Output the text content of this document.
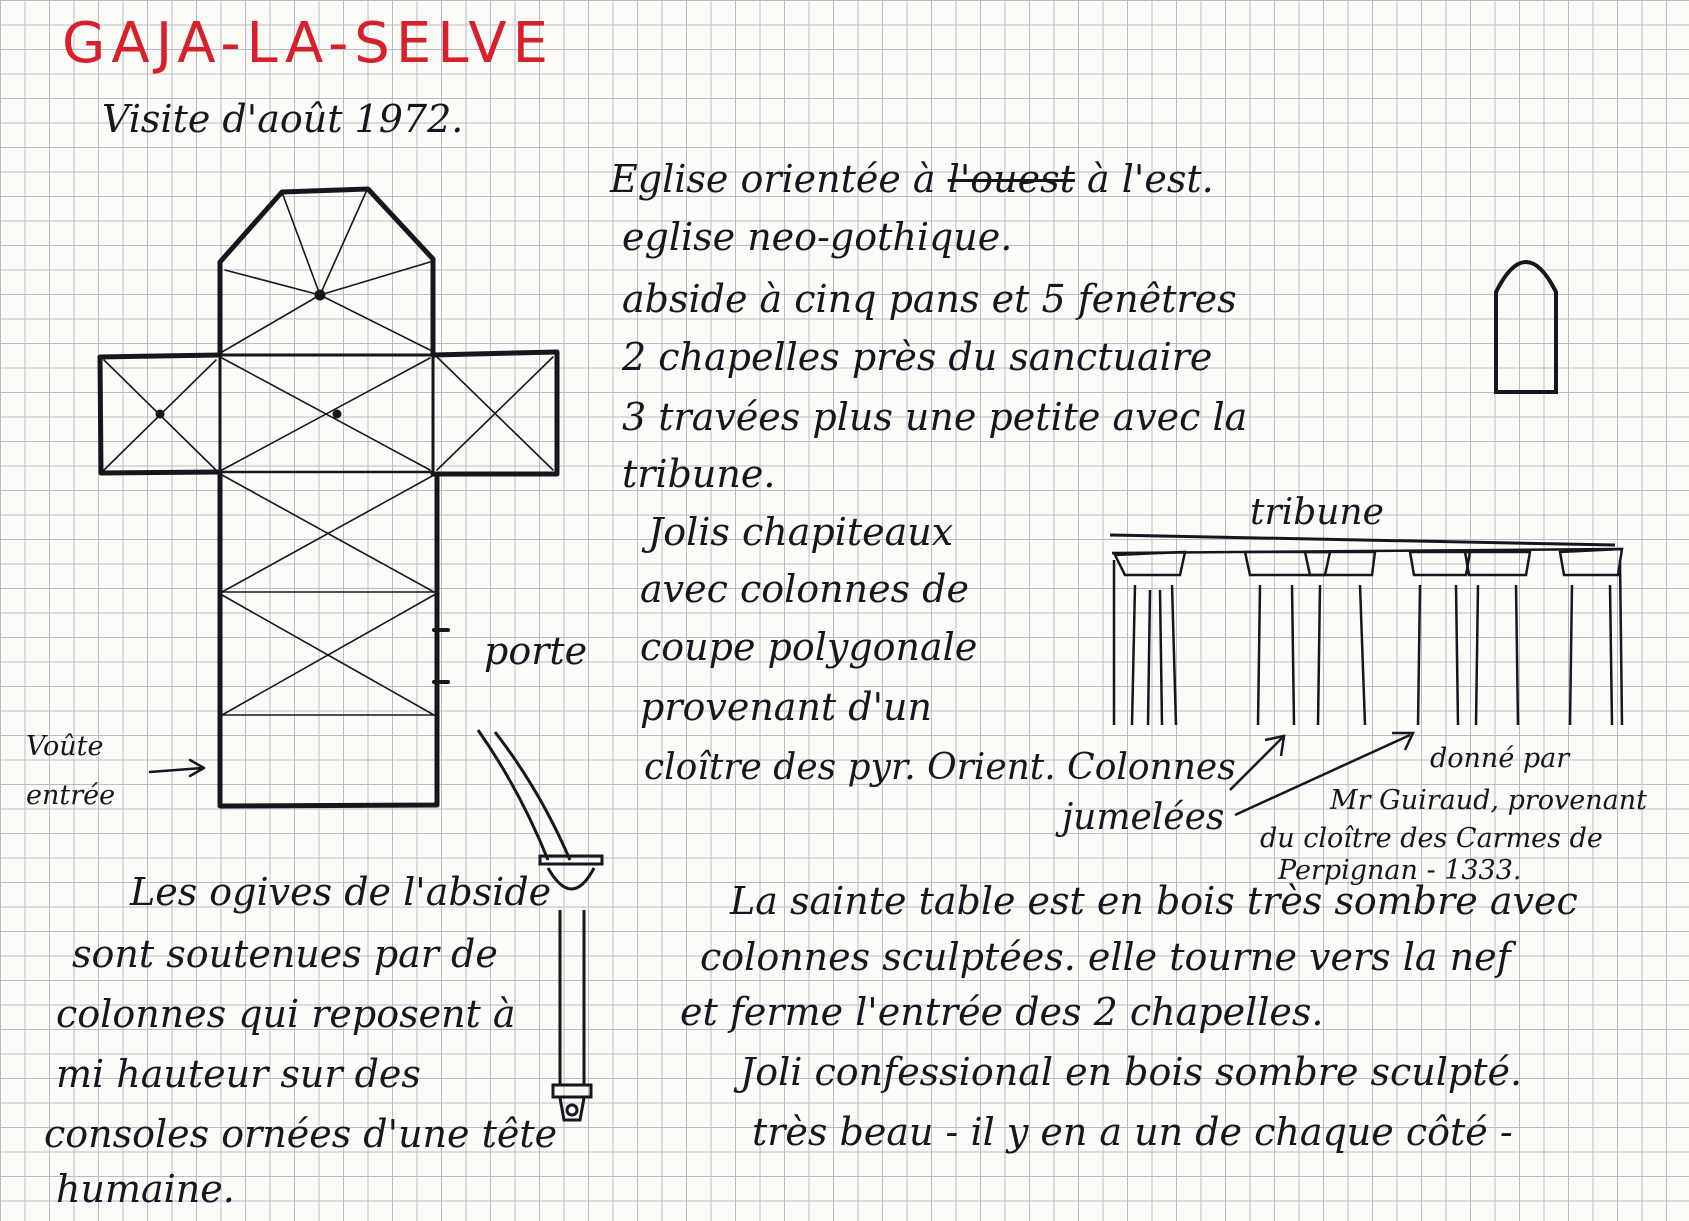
GAJA-LA-SELVE
Visite d'août 1972.
Eglise orientée à l'ouest à l'est.
eglise neo-gothique.
abside à cinq pans et 5 fenêtres
2 chapelles près du sanctuaire
3 travées plus une petite avec la
tribune.
Jolis chapiteaux
avec colonnes de
coupe polygonale
provenant d'un
cloître des pyr. Orient. Colonnes
jumelées
porte
Voûte
entrée
tribune
donné par
Mr Guiraud, provenant
du cloître des Carmes de
Perpignan - 1333.
Les ogives de l'abside
sont soutenues par de
colonnes qui reposent à
mi hauteur sur des
consoles ornées d'une tête
humaine.
La sainte table est en bois très sombre avec
colonnes sculptées. elle tourne vers la nef
et ferme l'entrée des 2 chapelles.
Joli confessional en bois sombre sculpté.
très beau - il y en a un de chaque côté -
